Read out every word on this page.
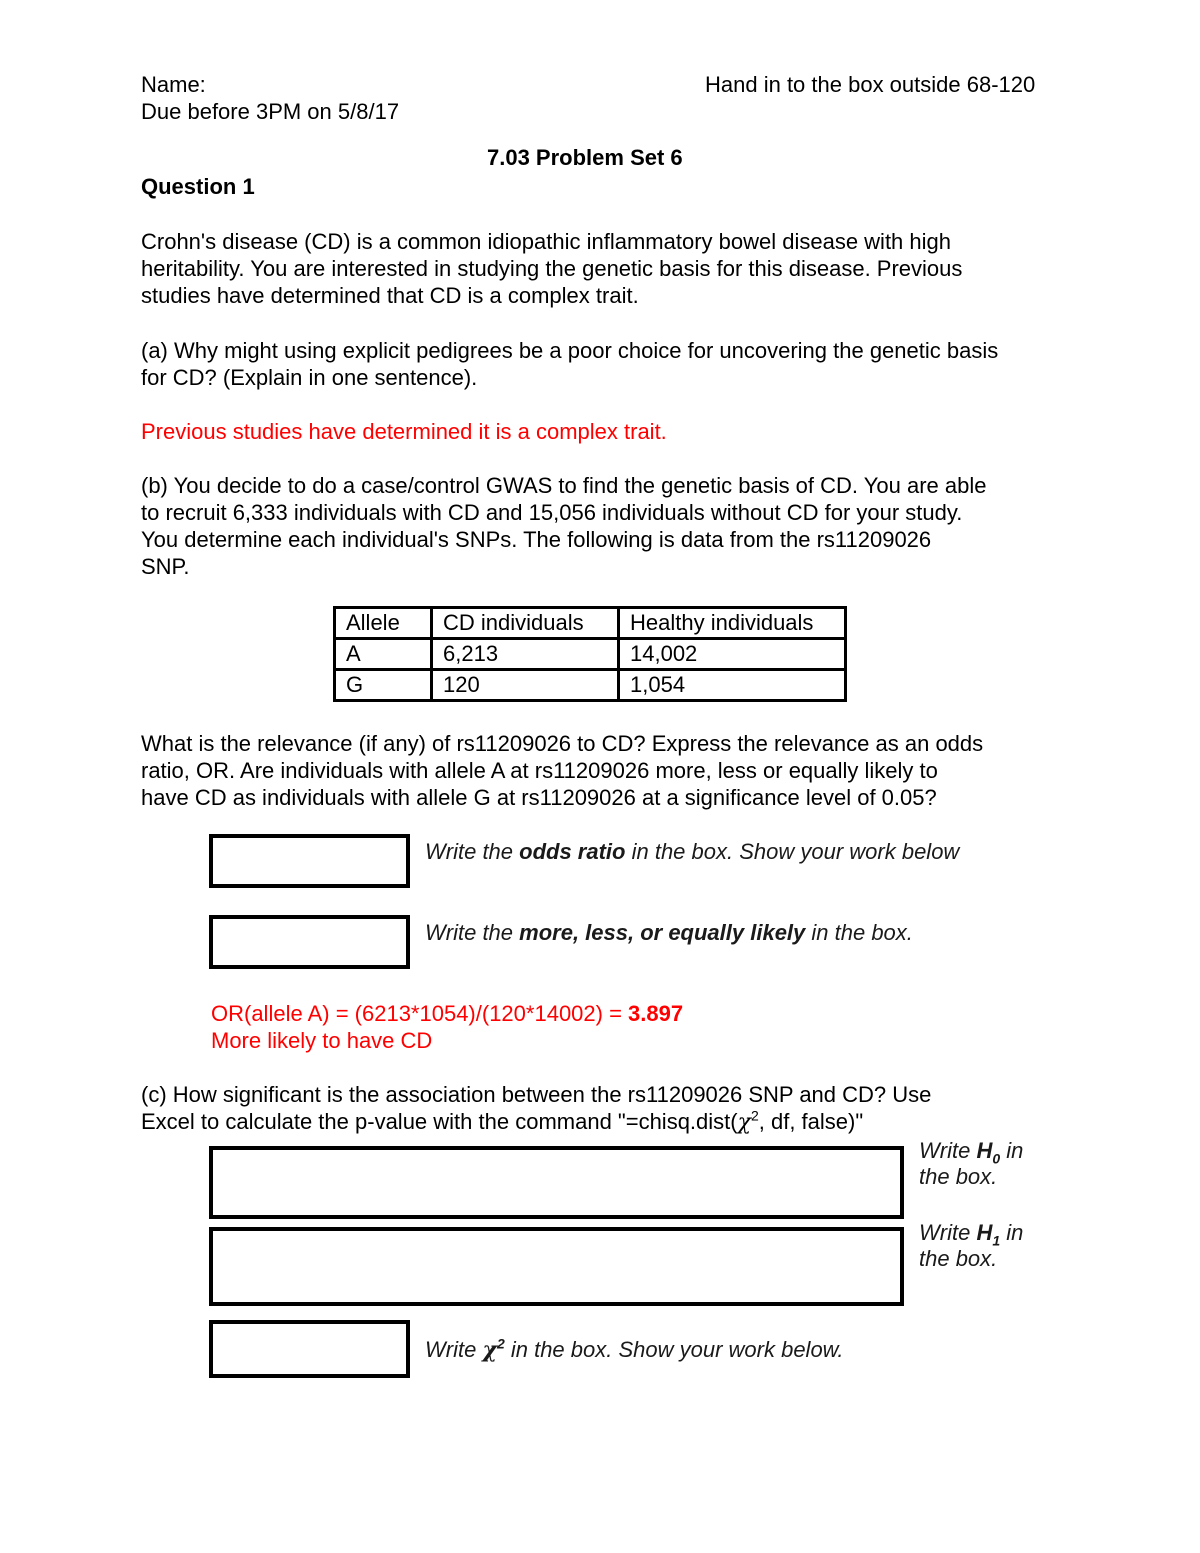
Name:	Hand in to the box outside 68-120
Due before 3PM on 5/8/17
7.03 Problem Set 6
Question 1
Crohn's disease (CD) is a common idiopathic inflammatory bowel disease with high
heritability. You are interested in studying the genetic basis for this disease. Previous
studies have determined that CD is a complex trait.
(a) Why might using explicit pedigrees be a poor choice for uncovering the genetic basis
for CD? (Explain in one sentence).
Previous studies have determined it is a complex trait.
(b) You decide to do a case/control GWAS to find the genetic basis of CD. You are able
to recruit 6,333 individuals with CD and 15,056 individuals without CD for your study.
You determine each individual's SNPs. The following is data from the rs11209026
SNP.
Allele	CD individuals	Healthy individuals
A	6,213	14,002
G	120	1,054
What is the relevance (if any) of rs11209026 to CD? Express the relevance as an odds
ratio, OR. Are individuals with allele A at rs11209026 more, less or equally likely to
have CD as individuals with allele G at rs11209026 at a significance level of 0.05?
Write the odds ratio in the box. Show your work below
Write the more, less, or equally likely in the box.
OR(allele A) = (6213*1054)/(120*14002) = 3.897
More likely to have CD
(c) How significant is the association between the rs11209026 SNP and CD? Use
Excel to calculate the p-value with the command "$=chisq.dist(\chi^2$, df, false)"
Write $H_0$ in
the box.
Write $H_1$ in
the box.
Write $\chi^2$ in the box. Show your work below.
